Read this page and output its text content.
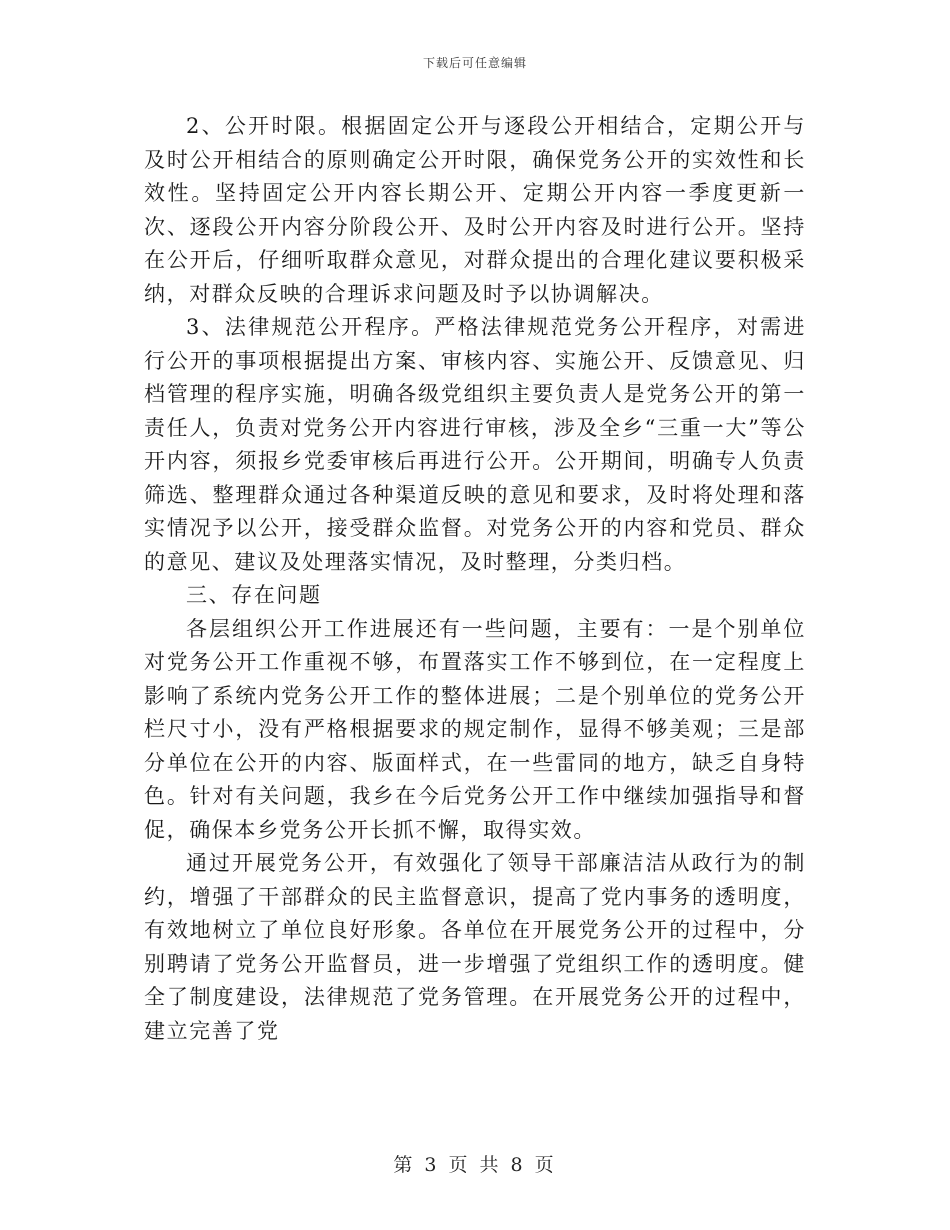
下载后可任意编辑

2、公开时限。根据固定公开与逐段公开相结合，定期公开与及时公开相结合的原则确定公开时限，确保党务公开的实效性和长效性。坚持固定公开内容长期公开、定期公开内容一季度更新一次、逐段公开内容分阶段公开、及时公开内容及时进行公开。坚持在公开后，仔细听取群众意见，对群众提出的合理化建议要积极采纳，对群众反映的合理诉求问题及时予以协调解决。

3、法律规范公开程序。严格法律规范党务公开程序，对需进行公开的事项根据提出方案、审核内容、实施公开、反馈意见、归档管理的程序实施，明确各级党组织主要负责人是党务公开的第一责任人，负责对党务公开内容进行审核，涉及全乡“三重一大”等公开内容，须报乡党委审核后再进行公开。公开期间，明确专人负责筛选、整理群众通过各种渠道反映的意见和要求，及时将处理和落实情况予以公开，接受群众监督。对党务公开的内容和党员、群众的意见、建议及处理落实情况，及时整理，分类归档。

三、存在问题

各层组织公开工作进展还有一些问题，主要有：一是个别单位对党务公开工作重视不够，布置落实工作不够到位，在一定程度上影响了系统内党务公开工作的整体进展；二是个别单位的党务公开栏尺寸小，没有严格根据要求的规定制作，显得不够美观；三是部分单位在公开的内容、版面样式，在一些雷同的地方，缺乏自身特色。针对有关问题，我乡在今后党务公开工作中继续加强指导和督促，确保本乡党务公开长抓不懈，取得实效。

通过开展党务公开，有效强化了领导干部廉洁洁从政行为的制约，增强了干部群众的民主监督意识，提高了党内事务的透明度，有效地树立了单位良好形象。各单位在开展党务公开的过程中，分别聘请了党务公开监督员，进一步增强了党组织工作的透明度。健全了制度建设，法律规范了党务管理。在开展党务公开的过程中，建立完善了党

第 3 页 共 8 页
